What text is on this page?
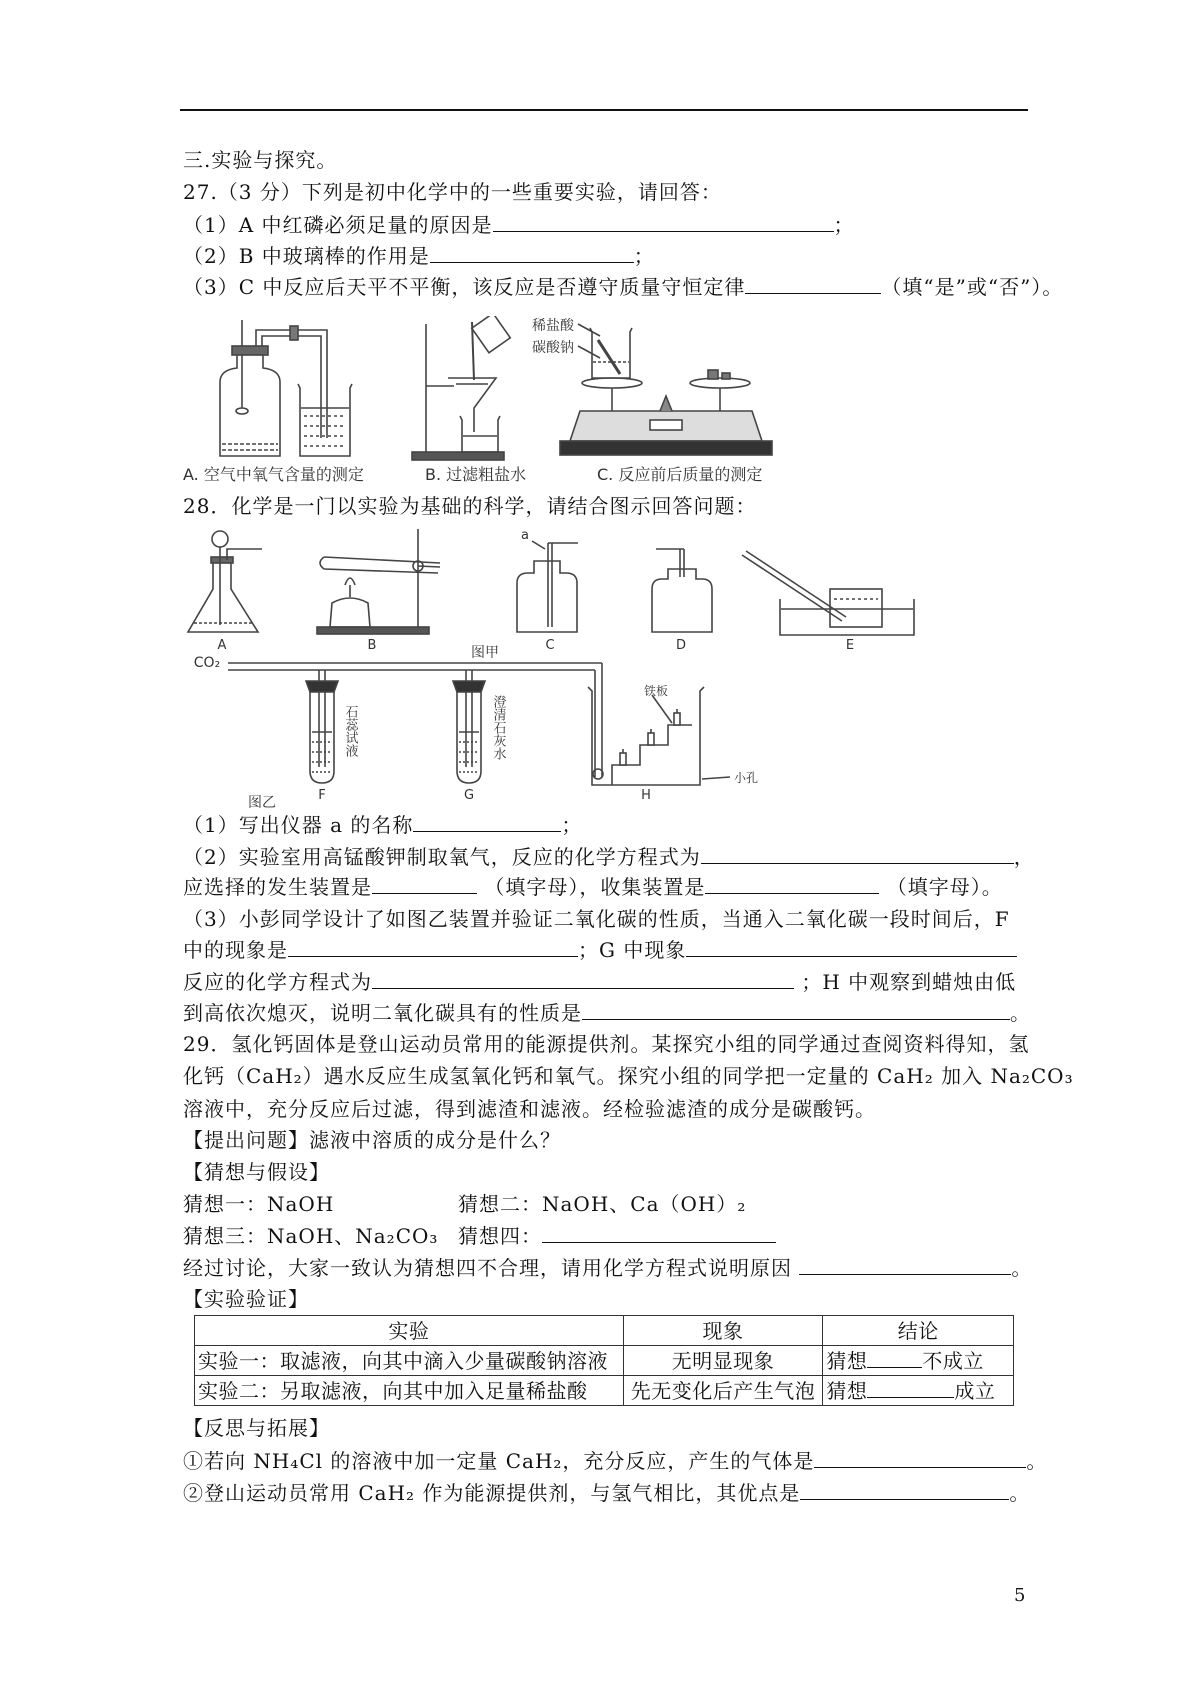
三.实验与探究。
27.（3 分）下列是初中化学中的一些重要实验，请回答：
（1）A 中红磷必须足量的原因是	；
（2）B 中玻璃棒的作用是	；
（3）C 中反应后天平不平衡，该反应是否遵守质量守恒定律	（填“是”或“否”）。
稀盐酸
碳酸钠
A. 空气中氧气含量的测定	B. 过滤粗盐水	C. 反应前后质量的测定
28．化学是一门以实验为基础的科学，请结合图示回答问题：
A	B	C	D	E
a
图甲
CO₂
石蕊试液	澄清石灰水
铁板
小孔
F	G	H
图乙
（1）写出仪器 a 的名称	；
（2）实验室用高锰酸钾制取氧气，反应的化学方程式为	，
应选择的发生装置是	（填字母），收集装置是	（填字母）。
（3）小彭同学设计了如图乙装置并验证二氧化碳的性质，当通入二氧化碳一段时间后，F
中的现象是	；G 中现象
反应的化学方程式为	；H 中观察到蜡烛由低
到高依次熄灭，说明二氧化碳具有的性质是	。
29．氢化钙固体是登山运动员常用的能源提供剂。某探究小组的同学通过查阅资料得知，氢
化钙（CaH₂）遇水反应生成氢氧化钙和氧气。探究小组的同学把一定量的 CaH₂ 加入 Na₂CO₃
溶液中，充分反应后过滤，得到滤渣和滤液。经检验滤渣的成分是碳酸钙。
【提出问题】滤液中溶质的成分是什么？
【猜想与假设】
猜想一：NaOH	猜想二：NaOH、Ca（OH）₂
猜想三：NaOH、Na₂CO₃ 猜想四：
经过讨论，大家一致认为猜想四不合理，请用化学方程式说明原因	。
【实验验证】
实验	现象	结论
实验一：取滤液，向其中滴入少量碳酸钠溶液	无明显现象	猜想 不成立
实验二：另取滤液，向其中加入足量稀盐酸	先无变化后产生气泡	猜想 成立
【反思与拓展】
①若向 NH₄Cl 的溶液中加一定量 CaH₂，充分反应，产生的气体是	。
②登山运动员常用 CaH₂ 作为能源提供剂，与氢气相比，其优点是	。
5
